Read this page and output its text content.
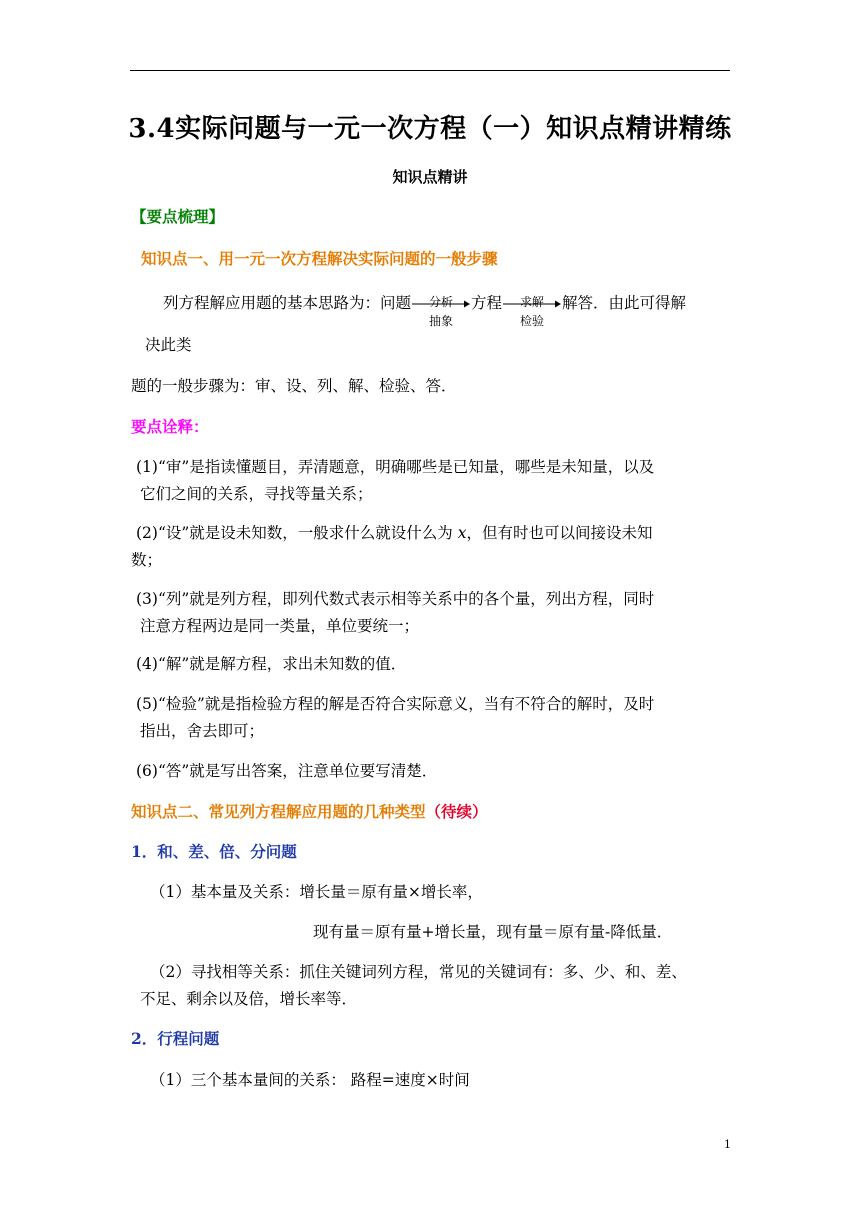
3.4实际问题与一元一次方程（一）知识点精讲精练
知识点精讲
【要点梳理】
知识点一、用一元一次方程解决实际问题的一般步骤
列方程解应用题的基本思路为：问题	分析
抽象
方程	求解
检验
解答．由此可得解
决此类
题的一般步骤为：审、设、列、解、检验、答．
要点诠释：
(1)“审”是指读懂题目，弄清题意，明确哪些是已知量，哪些是未知量，以及
它们之间的关系，寻找等量关系；
(2)“设”就是设未知数，一般求什么就设什么为 x，但有时也可以间接设未知
数；
(3)“列”就是列方程，即列代数式表示相等关系中的各个量，列出方程，同时
注意方程两边是同一类量，单位要统一；
(4)“解”就是解方程，求出未知数的值．
(5)“检验”就是指检验方程的解是否符合实际意义，当有不符合的解时，及时
指出，舍去即可；
(6)“答”就是写出答案，注意单位要写清楚．
知识点二、常见列方程解应用题的几种类型（待续）
1．和、差、倍、分问题
（1）基本量及关系：增长量＝原有量×增长率，
现有量＝原有量+增长量，现有量＝原有量-降低量．
（2）寻找相等关系：抓住关键词列方程，常见的关键词有：多、少、和、差、
不足、剩余以及倍，增长率等．
2．行程问题
（1）三个基本量间的关系： 路程=速度×时间
1
